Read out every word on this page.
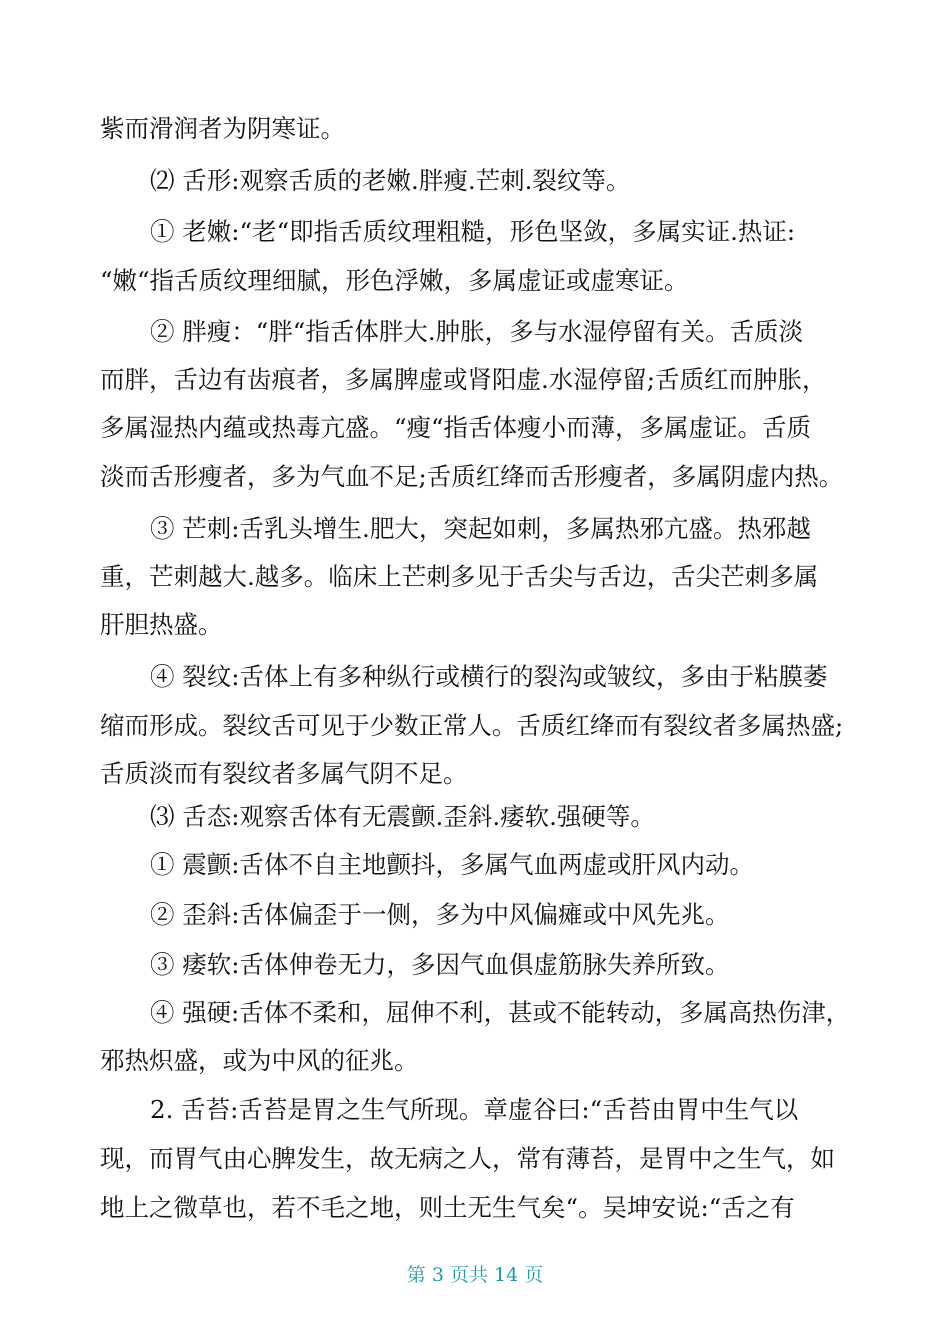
紫而滑润者为阴寒证。
⑵ 舌形:观察舌质的老嫩.胖瘦.芒刺.裂纹等。
① 老嫩:“老“即指舌质纹理粗糙，形色坚敛，多属实证.热证:
“嫩“指舌质纹理细腻，形色浮嫩，多属虚证或虚寒证。
② 胖瘦：“胖“指舌体胖大.肿胀，多与水湿停留有关。舌质淡
而胖，舌边有齿痕者，多属脾虚或肾阳虚.水湿停留;舌质红而肿胀，
多属湿热内蕴或热毒亢盛。“瘦“指舌体瘦小而薄，多属虚证。舌质
淡而舌形瘦者，多为气血不足;舌质红绛而舌形瘦者，多属阴虚内热。
③ 芒刺:舌乳头增生.肥大，突起如刺，多属热邪亢盛。热邪越
重，芒刺越大.越多。临床上芒刺多见于舌尖与舌边，舌尖芒刺多属
肝胆热盛。
④ 裂纹:舌体上有多种纵行或横行的裂沟或皱纹，多由于粘膜萎
缩而形成。裂纹舌可见于少数正常人。舌质红绛而有裂纹者多属热盛;
舌质淡而有裂纹者多属气阴不足。
⑶ 舌态:观察舌体有无震颤.歪斜.痿软.强硬等。
① 震颤:舌体不自主地颤抖，多属气血两虚或肝风内动。
② 歪斜:舌体偏歪于一侧，多为中风偏瘫或中风先兆。
③ 痿软:舌体伸卷无力，多因气血俱虚筋脉失养所致。
④ 强硬:舌体不柔和，屈伸不利，甚或不能转动，多属高热伤津，
邪热炽盛，或为中风的征兆。
2. 舌苔:舌苔是胃之生气所现。章虚谷曰:“舌苔由胃中生气以
现，而胃气由心脾发生，故无病之人，常有薄苔，是胃中之生气，如
地上之微草也，若不毛之地，则土无生气矣“。吴坤安说:“舌之有
第 3 页共 14 页
